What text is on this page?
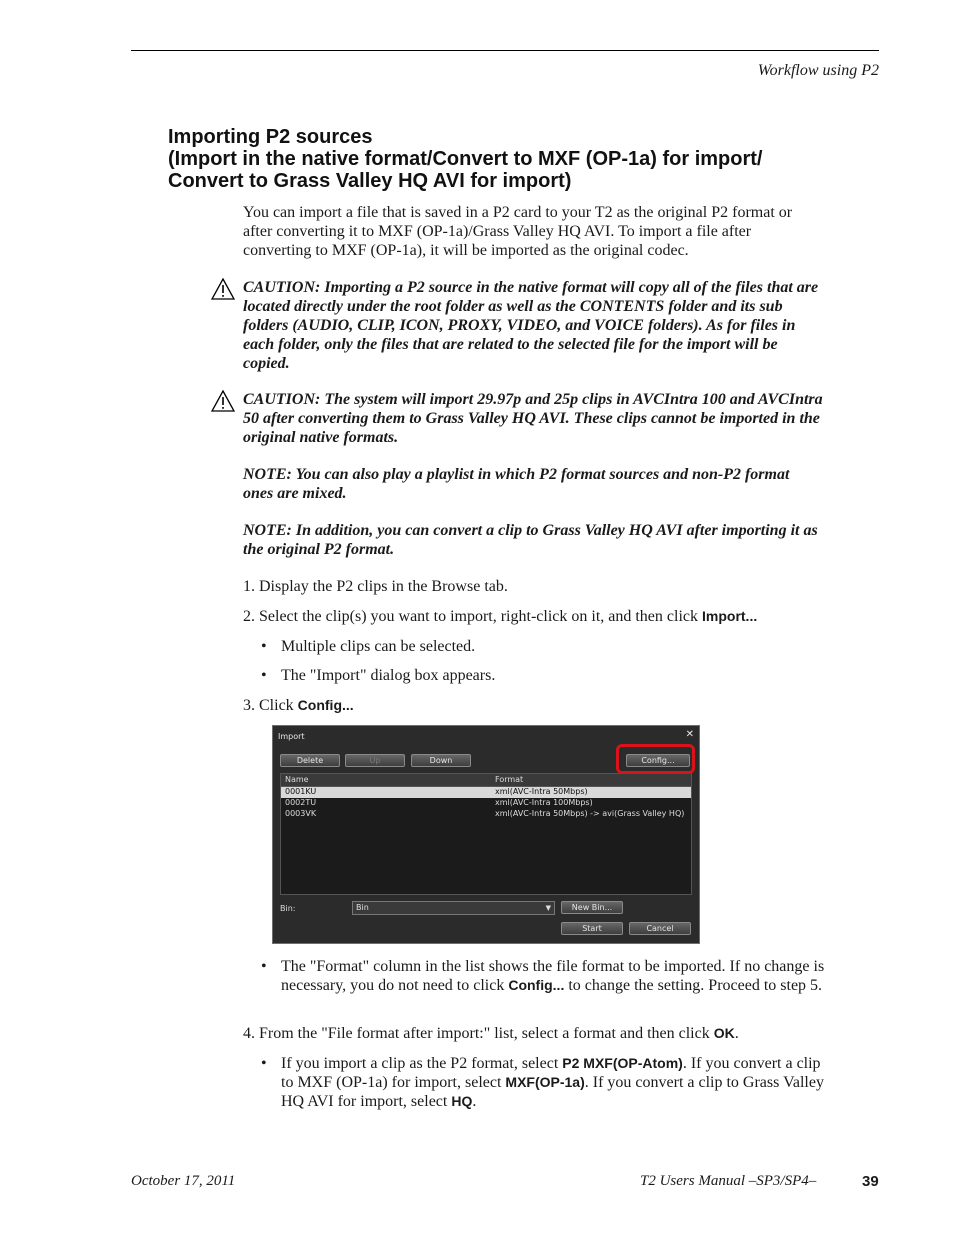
Workflow using P2
Importing P2 sources
(Import in the native format/Convert to MXF (OP-1a) for import/
Convert to Grass Valley HQ AVI for import)
You can import a file that is saved in a P2 card to your T2 as the original P2 format or after converting it to MXF (OP-1a)/Grass Valley HQ AVI. To import a file after converting to MXF (OP-1a), it will be imported as the original codec.
CAUTION: Importing a P2 source in the native format will copy all of the files that are located directly under the root folder as well as the CONTENTS folder and its sub folders (AUDIO, CLIP, ICON, PROXY, VIDEO, and VOICE folders). As for files in each folder, only the files that are related to the selected file for the import will be copied.
CAUTION: The system will import 29.97p and 25p clips in AVCIntra 100 and AVCIntra 50 after converting them to Grass Valley HQ AVI. These clips cannot be imported in the original native formats.
NOTE: You can also play a playlist in which P2 format sources and non-P2 format ones are mixed.
NOTE: In addition, you can convert a clip to Grass Valley HQ AVI after importing it as the original P2 format.
1. Display the P2 clips in the Browse tab.
2. Select the clip(s) you want to import, right-click on it, and then click Import...
• Multiple clips can be selected.
• The "Import" dialog box appears.
3. Click Config...
Import	✕
Delete	Up	Down	Config...
Name	Format
0001KU	xml(AVC-Intra 50Mbps)
0002TU	xml(AVC-Intra 100Mbps)
0003VK	xml(AVC-Intra 50Mbps) -> avi(Grass Valley HQ)
Bin:	Bin	▼	New Bin...
Start	Cancel
• The "Format" column in the list shows the file format to be imported. If no change is necessary, you do not need to click Config... to change the setting. Proceed to step 5.
4. From the "File format after import:" list, select a format and then click OK.
• If you import a clip as the P2 format, select P2 MXF(OP-Atom). If you convert a clip to MXF (OP-1a) for import, select MXF(OP-1a). If you convert a clip to Grass Valley HQ AVI for import, select HQ.
October 17, 2011	T2 Users Manual –SP3/SP4–	39
